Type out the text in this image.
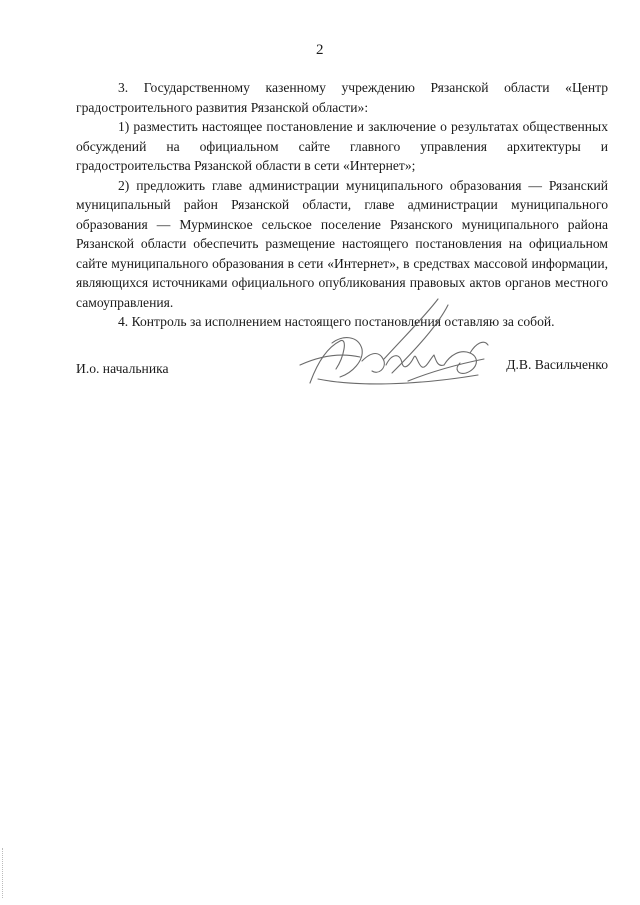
2

3. Государственному казенному учреждению Рязанской области «Центр градостроительного развития Рязанской области»:

1) разместить настоящее постановление и заключение о результатах общественных обсуждений на официальном сайте главного управления архитектуры и градостроительства Рязанской области в сети «Интернет»;

2) предложить главе администрации муниципального образования — Рязанский муниципальный район Рязанской области, главе администрации муниципального образования — Мурминское сельское поселение Рязанского муниципального района Рязанской области обеспечить размещение настоящего постановления на официальном сайте муниципального образования в сети «Интернет», в средствах массовой информации, являющихся источниками официального опубликования правовых актов органов местного самоуправления.

4. Контроль за исполнением настоящего постановления оставляю за собой.

И.о. начальника	Д.В. Васильченко
